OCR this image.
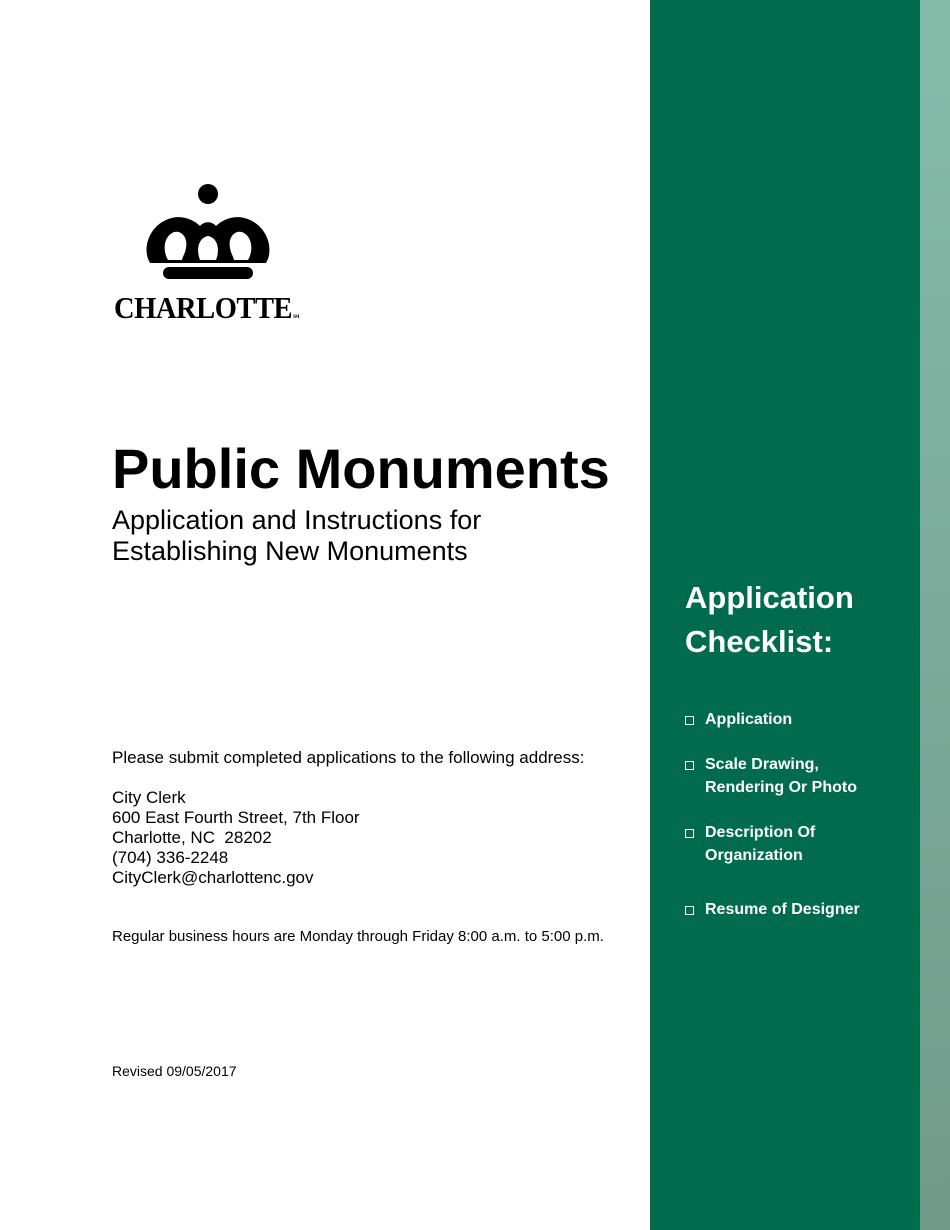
CHARLOTTESM
Public Monuments

Application and Instructions for Establishing New Monuments

Please submit completed applications to the following address:

City Clerk
600 East Fourth Street, 7th Floor
Charlotte, NC  28202
(704) 336-2248
CityClerk@charlottenc.gov

Regular business hours are Monday through Friday 8:00 a.m. to 5:00 p.m.

Revised 09/05/2017

Application Checklist:
Application
Scale Drawing,
Rendering Or Photo
Description Of
Organization
Resume of Designer
